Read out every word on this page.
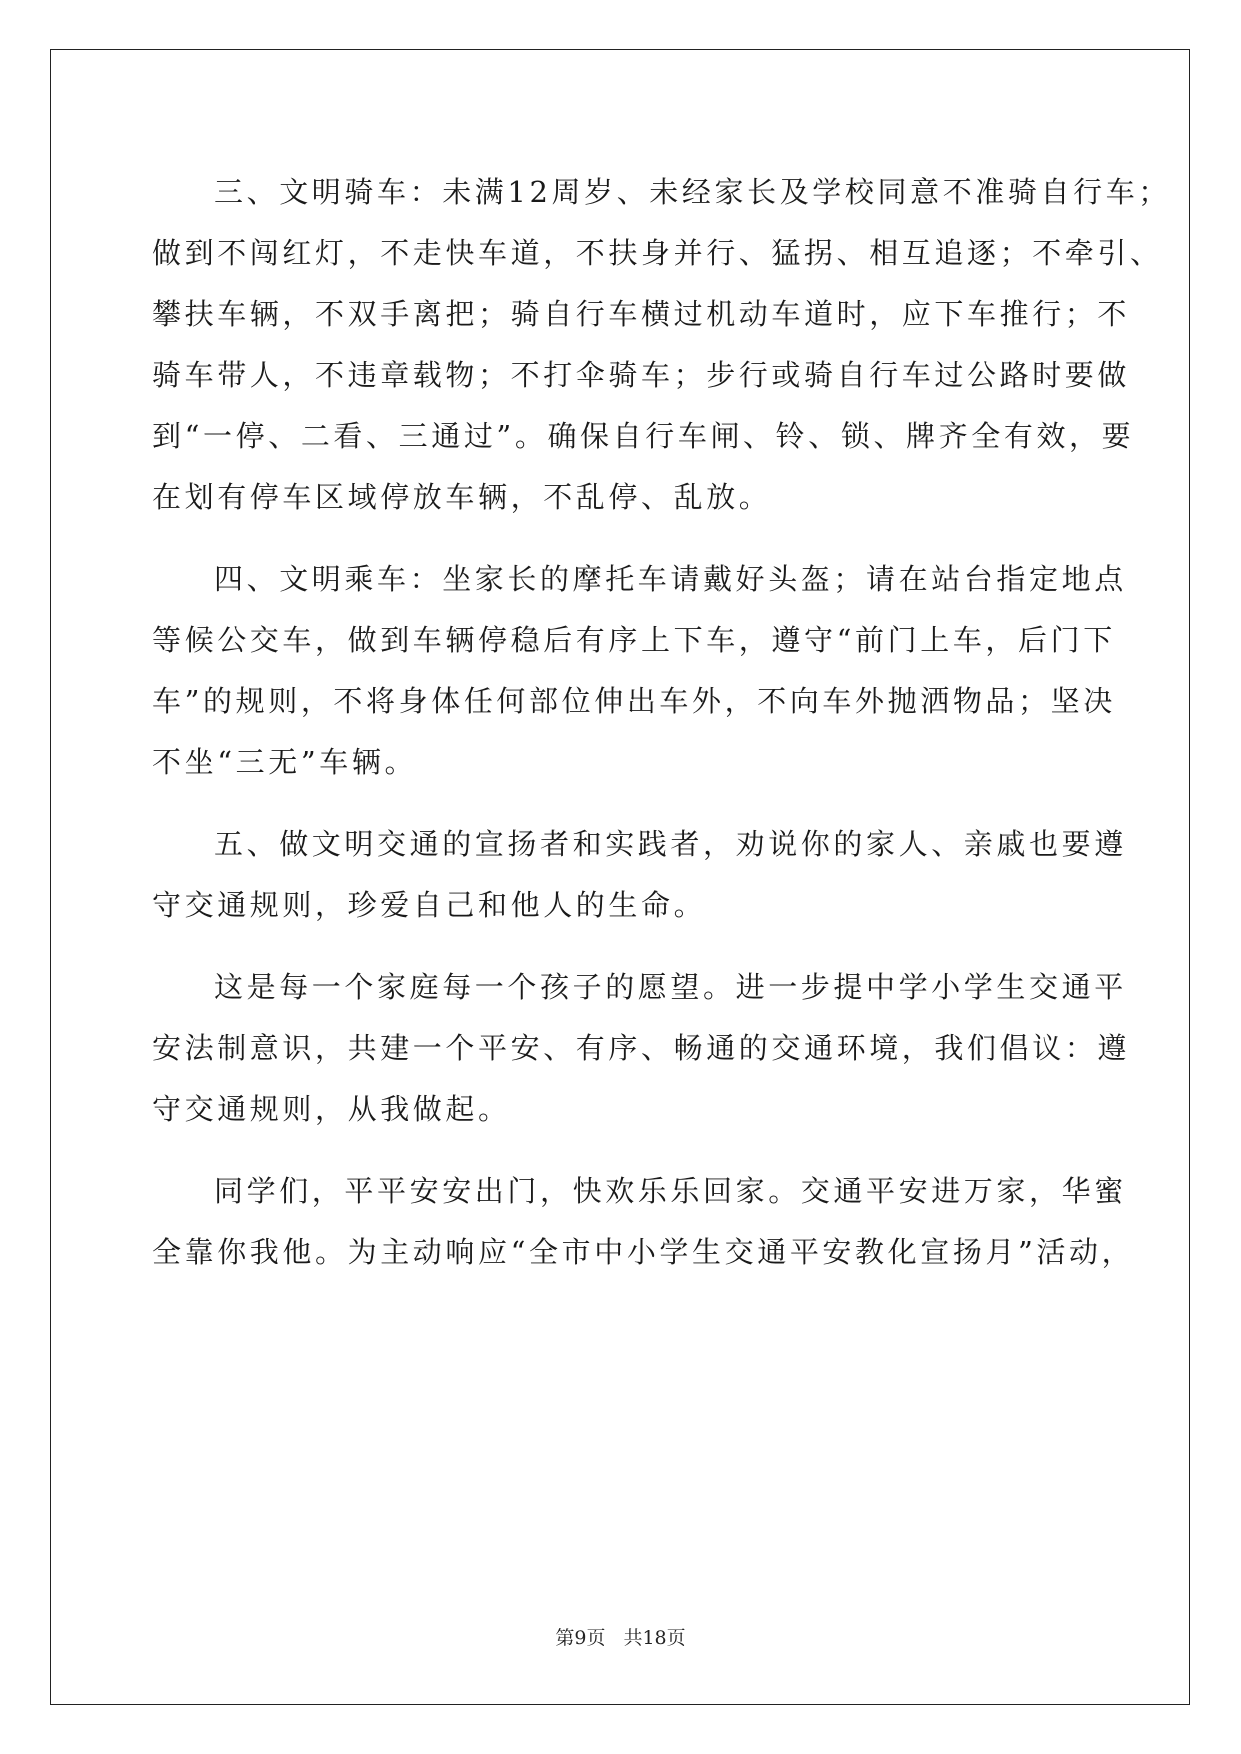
三、文明骑车：未满12周岁、未经家长及学校同意不准骑自行车；
做到不闯红灯，不走快车道，不扶身并行、猛拐、相互追逐；不牵引、
攀扶车辆，不双手离把；骑自行车横过机动车道时，应下车推行；不
骑车带人，不违章载物；不打伞骑车；步行或骑自行车过公路时要做
到“一停、二看、三通过”。确保自行车闸、铃、锁、牌齐全有效，要
在划有停车区域停放车辆，不乱停、乱放。
四、文明乘车：坐家长的摩托车请戴好头盔；请在站台指定地点
等候公交车，做到车辆停稳后有序上下车，遵守“前门上车，后门下
车”的规则，不将身体任何部位伸出车外，不向车外抛洒物品；坚决
不坐“三无”车辆。
五、做文明交通的宣扬者和实践者，劝说你的家人、亲戚也要遵
守交通规则，珍爱自己和他人的生命。
这是每一个家庭每一个孩子的愿望。进一步提中学小学生交通平
安法制意识，共建一个平安、有序、畅通的交通环境，我们倡议：遵
守交通规则，从我做起。
同学们，平平安安出门，快欢乐乐回家。交通平安进万家，华蜜
全靠你我他。为主动响应“全市中小学生交通平安教化宣扬月”活动，
第9页 共18页
